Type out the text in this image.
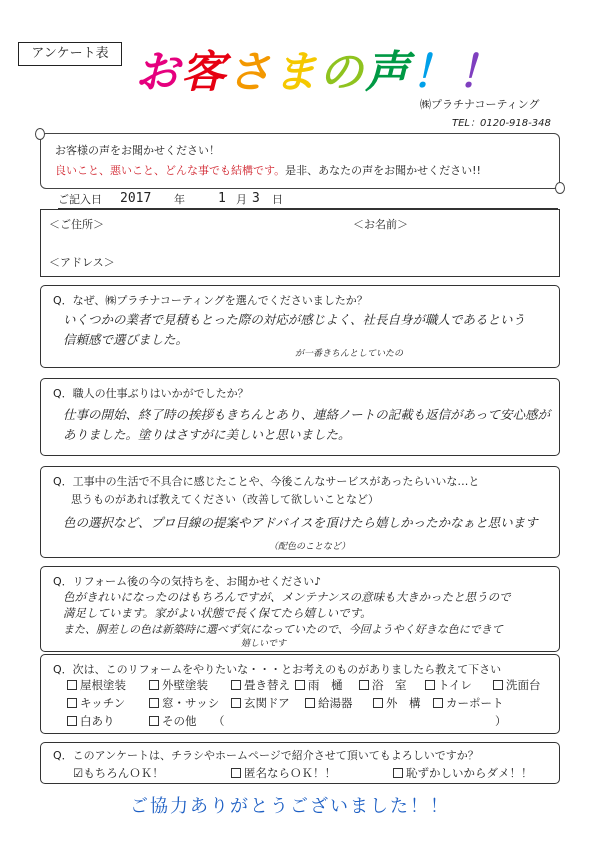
アンケート表 お客さまの声！！
㈱プラチナコーティング
TEL：0120-918-348
お客様の声をお聞かせください！
良いこと、悪いこと、どんな事でも結構です。是非、あなたの声をお聞かせください!!
ご記入日 2017 年	1 月 3 日
＜ご住所＞	＜お名前＞
＜アドレス＞
Q．なぜ、㈱プラチナコーティングを選んでくださいましたか？
いくつかの業者で見積もとった際の対応が感じよく、社長自身が職人であるという
信頼感で選びました。
が一番きちんとしていたの
Q．職人の仕事ぶりはいかがでしたか？
仕事の開始、終了時の挨拶もきちんとあり、連絡ノートの記載も返信があって安心感が
ありました。塗りはさすがに美しいと思いました。
Q．工事中の生活で不具合に感じたことや、今後こんなサービスがあったらいいな…と
思うものがあれば教えてください（改善して欲しいことなど）
色の選択など、プロ目線の提案やアドバイスを頂けたら嬉しかったかなぁと思います
（配色のことなど）
Q．リフォーム後の今の気持ちを、お聞かせください♪
色がきれいになったのはもちろんですが、メンテナンスの意味も大きかったと思うので
満足しています。家がよい状態で長く保てたら嬉しいです。
また、胴差しの色は新築時に選べず気になっていたので、今回ようやく好きな色にできて
嬉しいです
Q．次は、このリフォームをやりたいな・・・とお考えのものがありましたら教えて下さい
屋根塗装	外壁塗装	畳き替え	雨　樋	浴　室	トイレ	洗面台
キッチン	窓・サッシ	玄関ドア	給湯器	外　構	カーポート
白あり	その他 （	）
Q．このアンケートは、チラシやホームページで紹介させて頂いてもよろしいですか？
☑もちろんＯＫ！	匿名ならＯＫ！！	恥ずかしいからダメ！！
ご協力ありがとうございました！！
